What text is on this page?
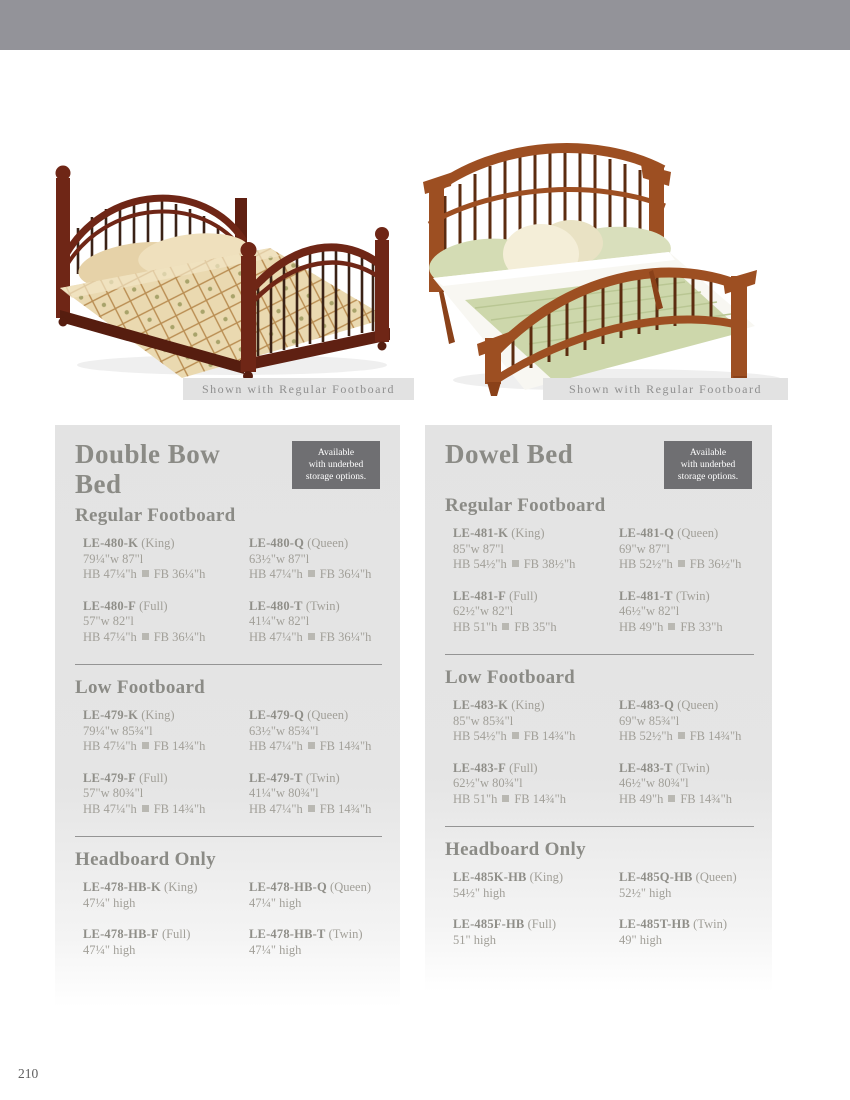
Shown with Regular Footboard	Shown with Regular Footboard
Double Bow
Bed
Available
with underbed
storage options.
Regular Footboard
LE-480-K (King)
79¼"w 87"l
HB 47¼"h FB 36¼"h
LE-480-Q (Queen)
63½"w 87"l
HB 47¼"h FB 36¼"h
LE-480-F (Full)
57"w 82"l
HB 47¼"h FB 36¼"h
LE-480-T (Twin)
41¼"w 82"l
HB 47¼"h FB 36¼"h
Low Footboard
LE-479-K (King)
79¼"w 85¾"l
HB 47¼"h FB 14¾"h
LE-479-Q (Queen)
63½"w 85¾"l
HB 47¼"h FB 14¾"h
LE-479-F (Full)
57"w 80¾"l
HB 47¼"h FB 14¾"h
LE-479-T (Twin)
41¼"w 80¾"l
HB 47¼"h FB 14¾"h
Headboard Only
LE-478-HB-K (King)
47¼" high
LE-478-HB-Q (Queen)
47¼" high
LE-478-HB-F (Full)
47¼" high
LE-478-HB-T (Twin)
47¼" high
Dowel Bed	Available
with underbed
storage options.
Regular Footboard
LE-481-K (King)
85"w 87"l
HB 54½"h FB 38½"h
LE-481-Q (Queen)
69"w 87"l
HB 52½"h FB 36½"h
LE-481-F (Full)
62½"w 82"l
HB 51"h FB 35"h
LE-481-T (Twin)
46½"w 82"l
HB 49"h FB 33"h
Low Footboard
LE-483-K (King)
85"w 85¾"l
HB 54½"h FB 14¾"h
LE-483-Q (Queen)
69"w 85¾"l
HB 52½"h FB 14¾"h
LE-483-F (Full)
62½"w 80¾"l
HB 51"h FB 14¾"h
LE-483-T (Twin)
46½"w 80¾"l
HB 49"h FB 14¾"h
Headboard Only
LE-485K-HB (King)
54½" high
LE-485Q-HB (Queen)
52½" high
LE-485F-HB (Full)
51" high
LE-485T-HB (Twin)
49" high
210
